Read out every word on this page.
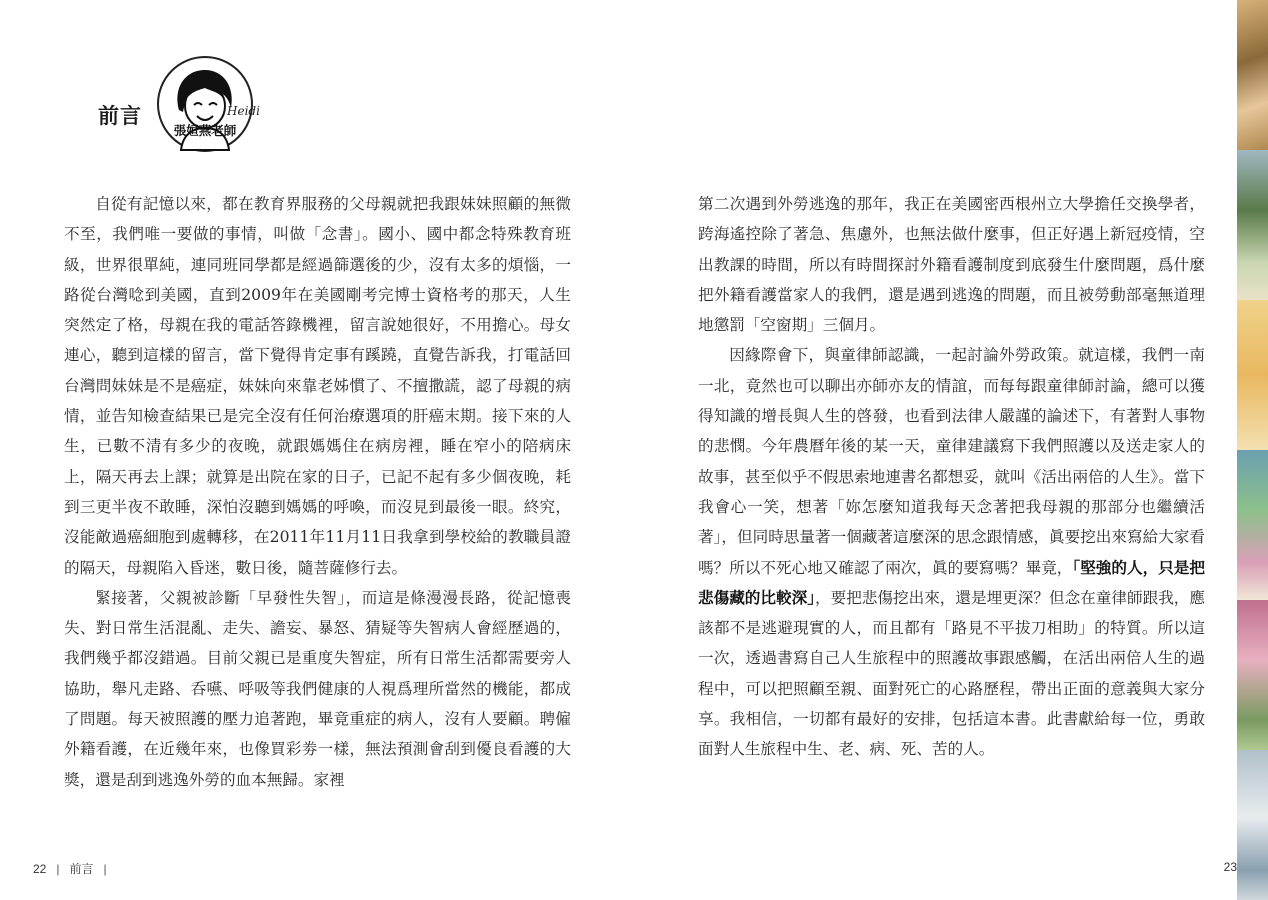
前言	Heidi
張姮燕老師

自從有記憶以來，都在教育界服務的父母親就把我跟妹妹照顧的無微不至，我們唯一要做的事情，叫做「念書」。國小、國中都念特殊教育班級，世界很單純，連同班同學都是經過篩選後的少，沒有太多的煩惱，一路從台灣唸到美國，直到2009年在美國剛考完博士資格考的那天，人生突然定了格，母親在我的電話答錄機裡，留言說她很好，不用擔心。母女連心，聽到這樣的留言，當下覺得肯定事有蹊蹺，直覺告訴我，打電話回台灣問妹妹是不是癌症，妹妹向來靠老姊慣了、不擅撒謊，認了母親的病情，並告知檢查結果已是完全沒有任何治療選項的肝癌末期。接下來的人生，已數不清有多少的夜晚，就跟媽媽住在病房裡，睡在窄小的陪病床上，隔天再去上課；就算是出院在家的日子，已記不起有多少個夜晚，耗到三更半夜不敢睡，深怕沒聽到媽媽的呼喚，而沒見到最後一眼。終究，沒能敵過癌細胞到處轉移，在2011年11月11日我拿到學校給的教職員證的隔天，母親陷入昏迷，數日後，隨菩薩修行去。

緊接著，父親被診斷「早發性失智」，而這是條漫漫長路，從記憶喪失、對日常生活混亂、走失、譫妄、暴怒、猜疑等失智病人會經歷過的，我們幾乎都沒錯過。目前父親已是重度失智症，所有日常生活都需要旁人協助，舉凡走路、呑嚥、呼吸等我們健康的人視爲理所當然的機能，都成了問題。每天被照護的壓力追著跑，畢竟重症的病人，沒有人要顧。聘僱外籍看護，在近幾年來，也像買彩劵一樣，無法預測會刮到優良看護的大獎，還是刮到逃逸外勞的血本無歸。家裡

22 | 前言 |

第二次遇到外勞逃逸的那年，我正在美國密西根州立大學擔任交換學者，跨海遙控除了著急、焦慮外，也無法做什麼事，但正好遇上新冠疫情，空出教課的時間，所以有時間探討外籍看護制度到底發生什麼問題，爲什麼把外籍看護當家人的我們，還是遇到逃逸的問題，而且被勞動部毫無道理地懲罰「空窗期」三個月。

因緣際會下，與童律師認識，一起討論外勞政策。就這樣，我們一南一北，竟然也可以聊出亦師亦友的情誼，而每每跟童律師討論，總可以獲得知識的增長與人生的啓發，也看到法律人嚴謹的論述下，有著對人事物的悲憫。今年農曆年後的某一天，童律建議寫下我們照護以及送走家人的故事，甚至似乎不假思索地連書名都想妥，就叫《活出兩倍的人生》。當下我會心一笑，想著「妳怎麼知道我每天念著把我母親的那部分也繼續活著」，但同時思量著一個藏著這麼深的思念跟情感，眞要挖出來寫給大家看嗎？所以不死心地又確認了兩次，眞的要寫嗎？畢竟，「堅強的人，只是把悲傷藏的比較深」，要把悲傷挖出來，還是埋更深？但念在童律師跟我，應該都不是逃避現實的人，而且都有「路見不平拔刀相助」的特質。所以這一次，透過書寫自己人生旅程中的照護故事跟感觸，在活出兩倍人生的過程中，可以把照顧至親、面對死亡的心路歷程，帶出正面的意義與大家分享。我相信，一切都有最好的安排，包括這本書。此書獻給每一位，勇敢面對人生旅程中生、老、病、死、苦的人。

23
